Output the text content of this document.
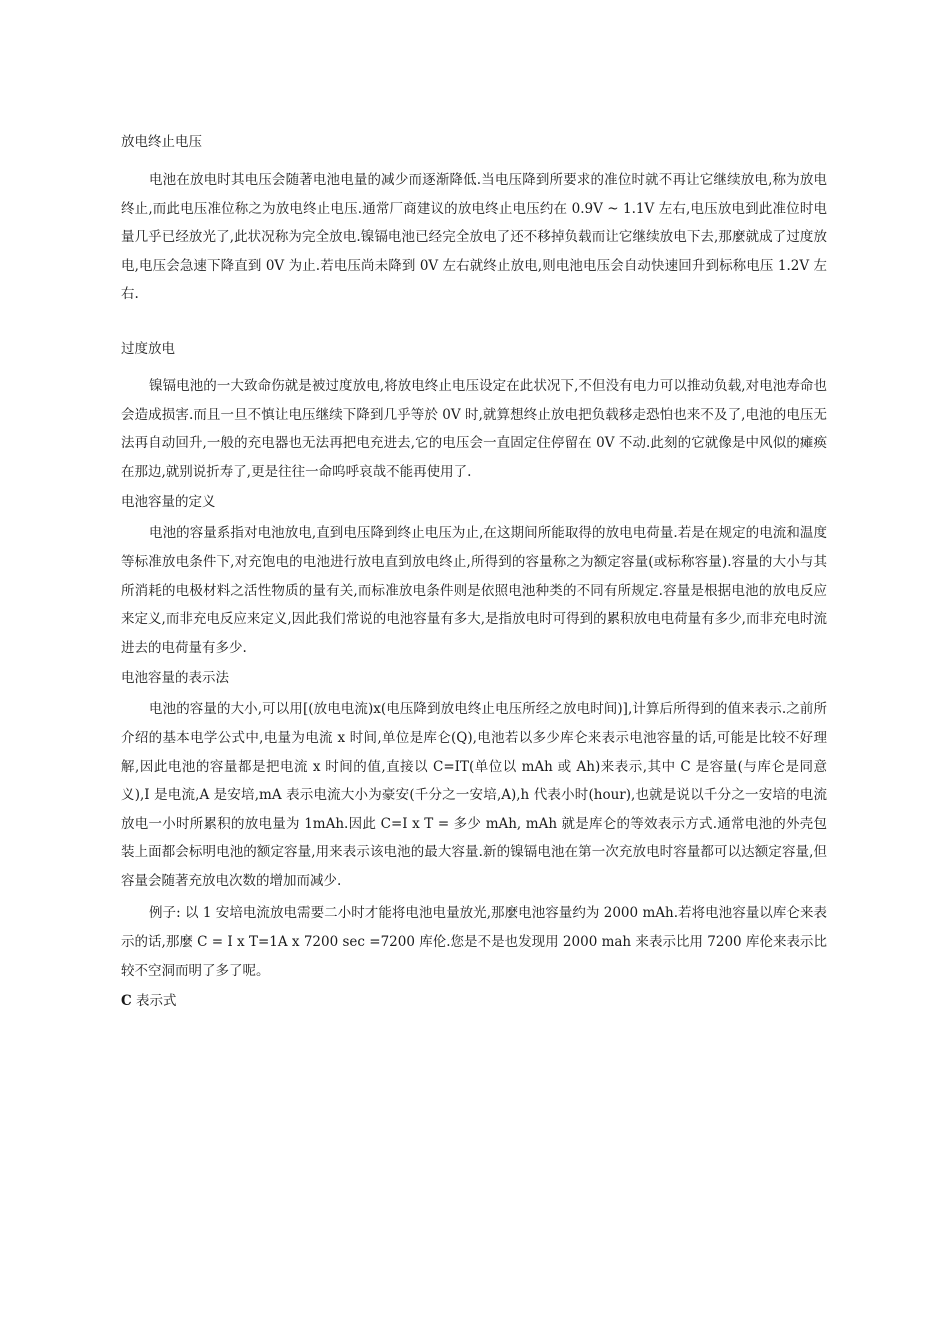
放电终止电压

电池在放电时其电压会随著电池电量的减少而逐渐降低.当电压降到所要求的准位时就不再让它继续放电,称为放电终止,而此电压准位称之为放电终止电压.通常厂商建议的放电终止电压约在 0.9V ~ 1.1V 左右,电压放电到此准位时电量几乎已经放光了,此状况称为完全放电.镍镉电池已经完全放电了还不移掉负载而让它继续放电下去,那麼就成了过度放电,电压会急速下降直到 0V 为止.若电压尚未降到 0V 左右就终止放电,则电池电压会自动快速回升到标称电压 1.2V 左右.

过度放电

镍镉电池的一大致命伤就是被过度放电,将放电终止电压设定在此状况下,不但没有电力可以推动负载,对电池寿命也会造成损害.而且一旦不慎让电压继续下降到几乎等於 0V 时,就算想终止放电把负载移走恐怕也来不及了,电池的电压无法再自动回升,一般的充电器也无法再把电充进去,它的电压会一直固定住停留在 0V 不动.此刻的它就像是中风似的瘫痪在那边,就别说折寿了,更是往往一命呜呼哀哉不能再使用了.

电池容量的定义

电池的容量系指对电池放电,直到电压降到终止电压为止,在这期间所能取得的放电电荷量.若是在规定的电流和温度等标准放电条件下,对充饱电的电池进行放电直到放电终止,所得到的容量称之为额定容量(或标称容量).容量的大小与其所消耗的电极材料之活性物质的量有关,而标准放电条件则是依照电池种类的不同有所规定.容量是根据电池的放电反应来定义,而非充电反应来定义,因此我们常说的电池容量有多大,是指放电时可得到的累积放电电荷量有多少,而非充电时流进去的电荷量有多少.

电池容量的表示法

电池的容量的大小,可以用[(放电电流)x(电压降到放电终止电压所经之放电时间)],计算后所得到的值来表示.之前所介绍的基本电学公式中,电量为电流 x 时间,单位是库仑(Q),电池若以多少库仑来表示电池容量的话,可能是比较不好理解,因此电池的容量都是把电流 x 时间的值,直接以 C=IT(单位以 mAh 或 Ah)来表示,其中 C 是容量(与库仑是同意义),I 是电流,A 是安培,mA 表示电流大小为豪安(千分之一安培,A),h 代表小时(hour),也就是说以千分之一安培的电流放电一小时所累积的放电量为 1mAh.因此 C=I x T = 多少 mAh, mAh 就是库仑的等效表示方式.通常电池的外壳包装上面都会标明电池的额定容量,用来表示该电池的最大容量.新的镍镉电池在第一次充放电时容量都可以达额定容量,但容量会随著充放电次数的增加而减少.

例子: 以 1 安培电流放电需要二小时才能将电池电量放光,那麼电池容量约为 2000 mAh.若将电池容量以库仑来表示的话,那麼 C = I x T=1A x 7200 sec =7200 库伦.您是不是也发现用 2000 mah 来表示比用 7200 库伦来表示比较不空洞而明了多了呢。

C 表示式
